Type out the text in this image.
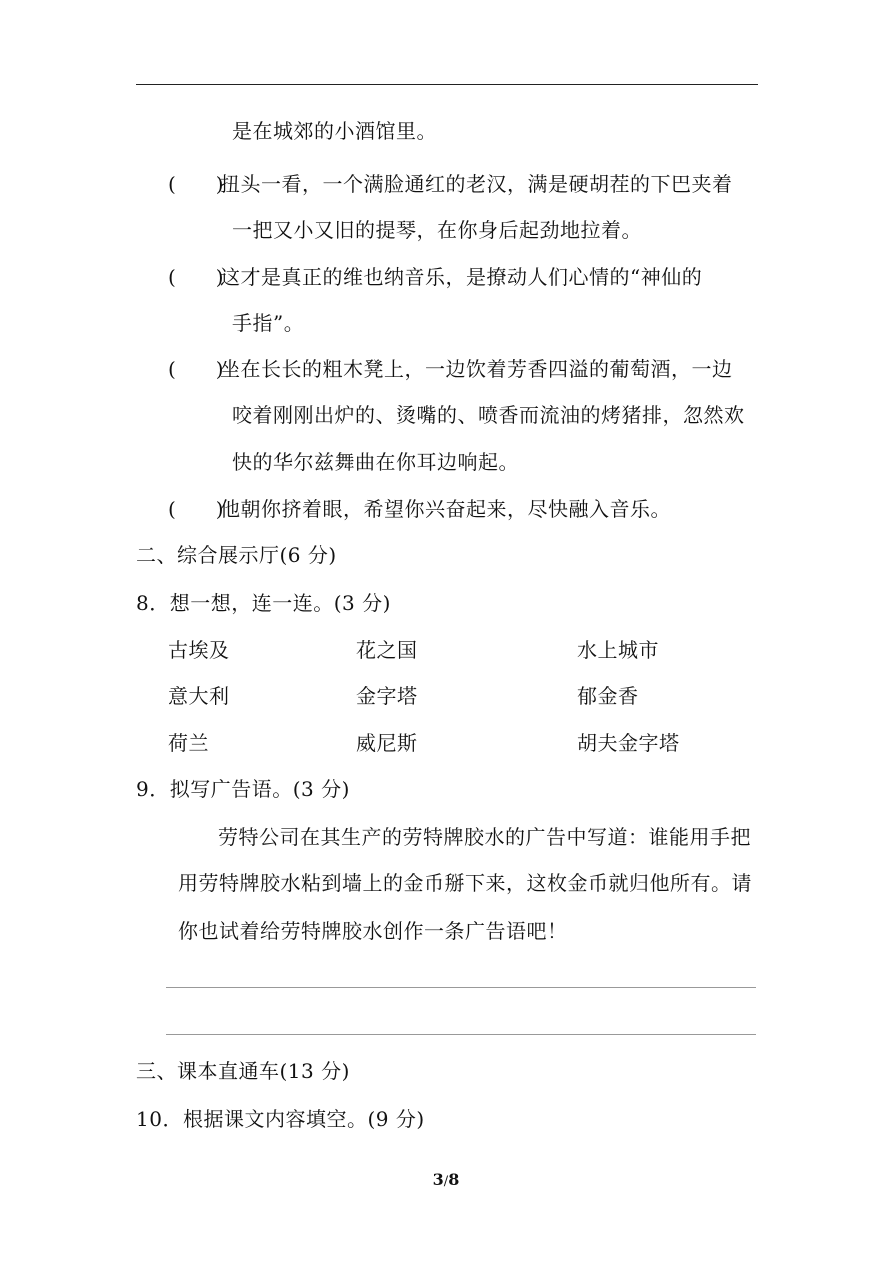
是在城郊的小酒馆里。
(　　)
扭头一看，一个满脸通红的老汉，满是硬胡茬的下巴夹着
一把又小又旧的提琴，在你身后起劲地拉着。
(　　)
这才是真正的维也纳音乐，是撩动人们心情的“神仙的
手指”。
(　　)
坐在长长的粗木凳上，一边饮着芳香四溢的葡萄酒，一边
咬着刚刚出炉的、烫嘴的、喷香而流油的烤猪排，忽然欢
快的华尔兹舞曲在你耳边响起。
(　　)
他朝你挤着眼，希望你兴奋起来，尽快融入音乐。
二、综合展示厅(6 分)
8．想一想，连一连。(3 分)
古埃及	花之国	水上城市
意大利	金字塔	郁金香
荷兰	威尼斯	胡夫金字塔
9．拟写广告语。(3 分)
劳特公司在其生产的劳特牌胶水的广告中写道：谁能用手把
用劳特牌胶水粘到墙上的金币掰下来，这枚金币就归他所有。请
你也试着给劳特牌胶水创作一条广告语吧！
三、课本直通车(13 分)
10．根据课文内容填空。(9 分)
3/8
